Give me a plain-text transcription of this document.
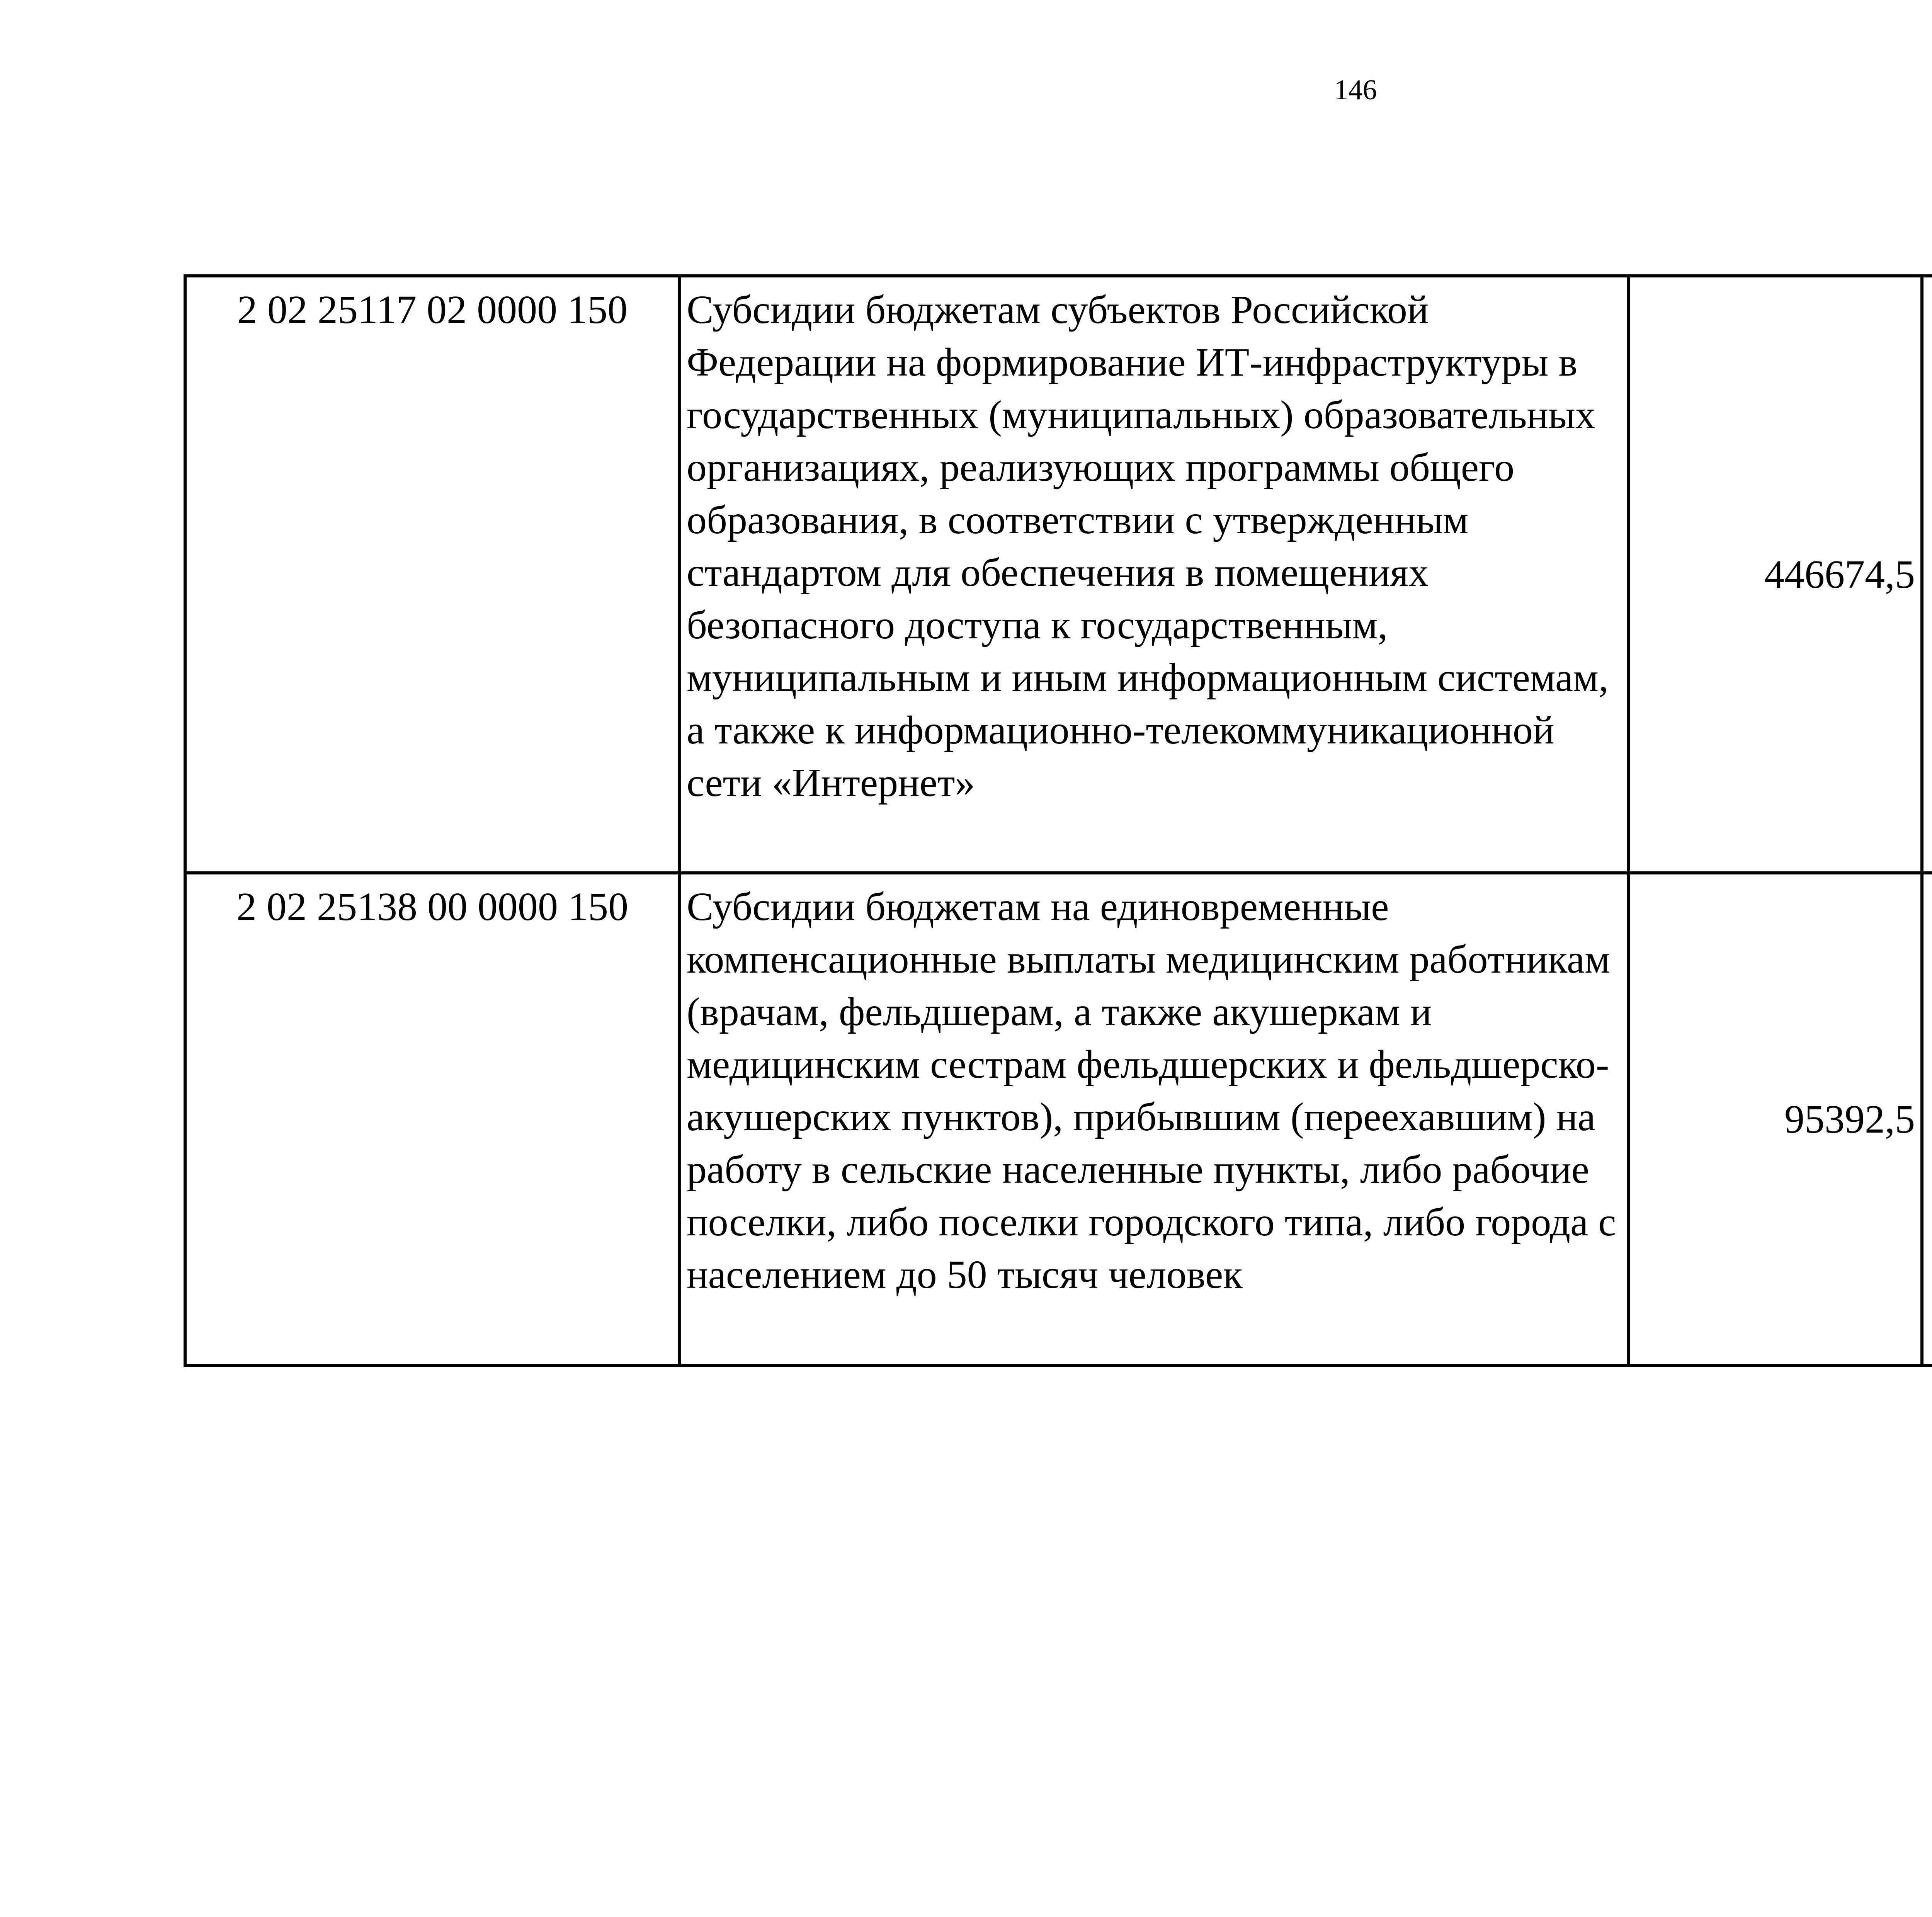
146
2 02 25117 02 0000 150	Субсидии бюджетам субъектов Российской Федерации на формирование ИТ-инфраструктуры в государственных (муниципальных) образовательных организациях, реализующих программы общего образования, в соответствии с утвержденным стандартом для обеспечения в помещениях безопасного доступа к государственным, муниципальным и иным информационным системам, а также к информационно-телекоммуникационной сети «Интернет»	446674,5		
2 02 25138 00 0000 150	Субсидии бюджетам на единовременные компенсационные выплаты медицинским работникам (врачам, фельдшерам, а также акушеркам и медицинским сестрам фельдшерских и фельдшерско-акушерских пунктов), прибывшим (переехавшим) на работу в сельские населенные пункты, либо рабочие поселки, либо поселки городского типа, либо города с населением до 50 тысяч человек	95392,5		
